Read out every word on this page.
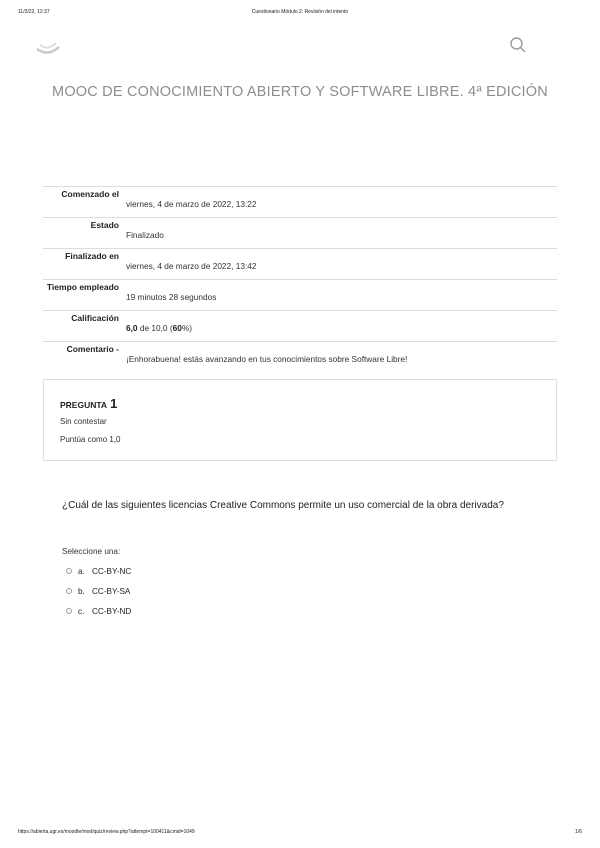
11/3/22, 12:37	Cuestionario Módulo 2: Revisión del intento
MOOC DE CONOCIMIENTO ABIERTO Y SOFTWARE LIBRE. 4ª EDICIÓN
Comenzado el
viernes, 4 de marzo de 2022, 13:22
Estado
Finalizado
Finalizado en
viernes, 4 de marzo de 2022, 13:42
Tiempo empleado
19 minutos 28 segundos
Calificación
6,0 de 10,0 (60%)
Comentario -
¡Enhorabuena! estás avanzando en tus conocimientos sobre Software Libre!
PREGUNTA 1
Sin contestar
Puntúa como 1,0
¿Cuál de las siguientes licencias Creative Commons permite un uso comercial de la obra derivada?
Seleccione una:
a. CC-BY-NC
b. CC-BY-SA
c. CC-BY-ND
https://abierta.ugr.es/moodle/mod/quiz/review.php?attempt=100411&cmid=1049	1/6
